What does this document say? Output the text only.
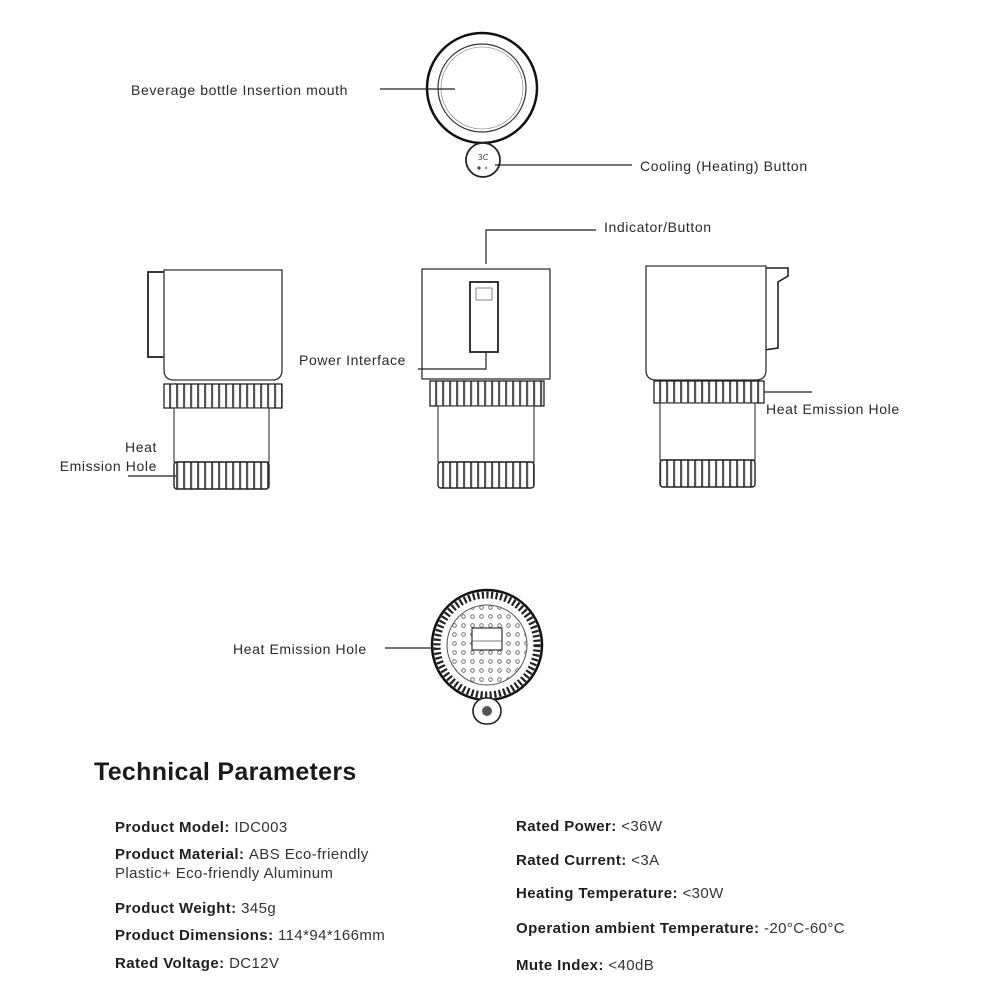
3C
Beverage bottle Insertion mouth
Cooling (Heating) Button
Indicator/Button
Power Interface
Heat
Emission Hole
Heat Emission Hole
Heat Emission Hole
Technical Parameters
Product Model: IDC003
Product Material: ABS Eco-friendly
Plastic+ Eco-friendly Aluminum
Product Weight: 345g
Product Dimensions: 114*94*166mm
Rated Voltage: DC12V
Rated Power: <36W
Rated Current: <3A
Heating Temperature: <30W
Operation ambient Temperature: -20°C-60°C
Mute Index: <40dB
